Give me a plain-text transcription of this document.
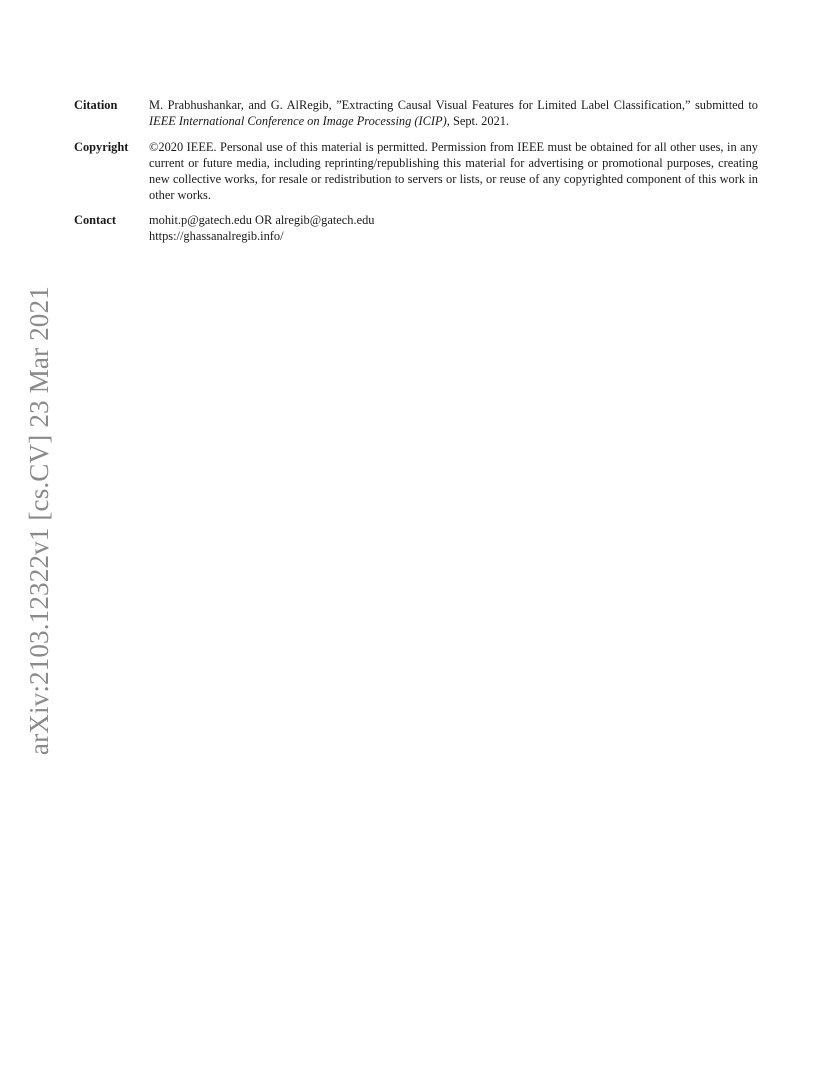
arXiv:2103.12322v1 [cs.CV] 23 Mar 2021
Citation	M. Prabhushankar, and G. AlRegib, ”Extracting Causal Visual Features for Limited Label Classification,” submitted to IEEE International Conference on Image Processing (ICIP), Sept. 2021.
Copyright	©2020 IEEE. Personal use of this material is permitted. Permission from IEEE must be obtained for all other uses, in any current or future media, including reprinting/republishing this material for advertising or promotional purposes, creating new collective works, for resale or redistribution to servers or lists, or reuse of any copyrighted component of this work in other works.
Contact	mohit.p@gatech.edu OR alregib@gatech.edu
https://ghassanalregib.info/
